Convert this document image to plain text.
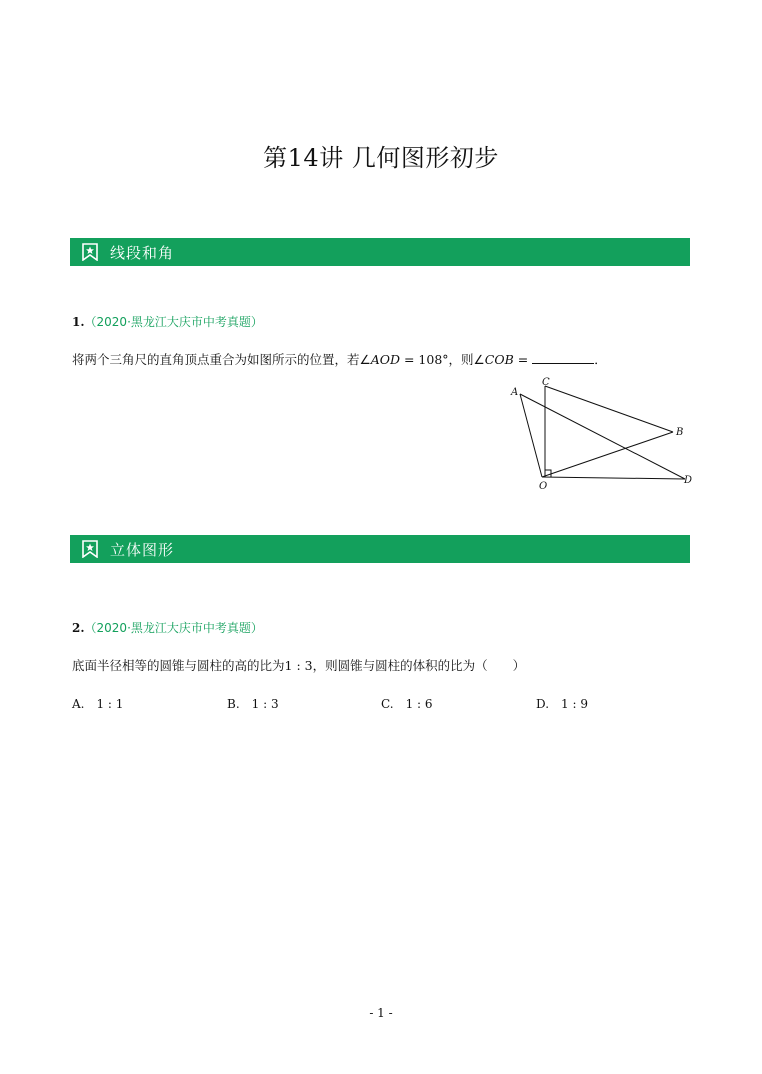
第14讲 几何图形初步
线段和角
1.（2020·黑龙江大庆市中考真题）
将两个三角尺的直角顶点重合为如图所示的位置，若∠AOD = 108°，则∠COB =	．
A
C
B
D
O
立体图形
2.（2020·黑龙江大庆市中考真题）
底面半径相等的圆锥与圆柱的高的比为1 : 3，则圆锥与圆柱的体积的比为（　　）
A. 1 : 1	B. 1 : 3	C. 1 : 6	D. 1 : 9
- 1 -
